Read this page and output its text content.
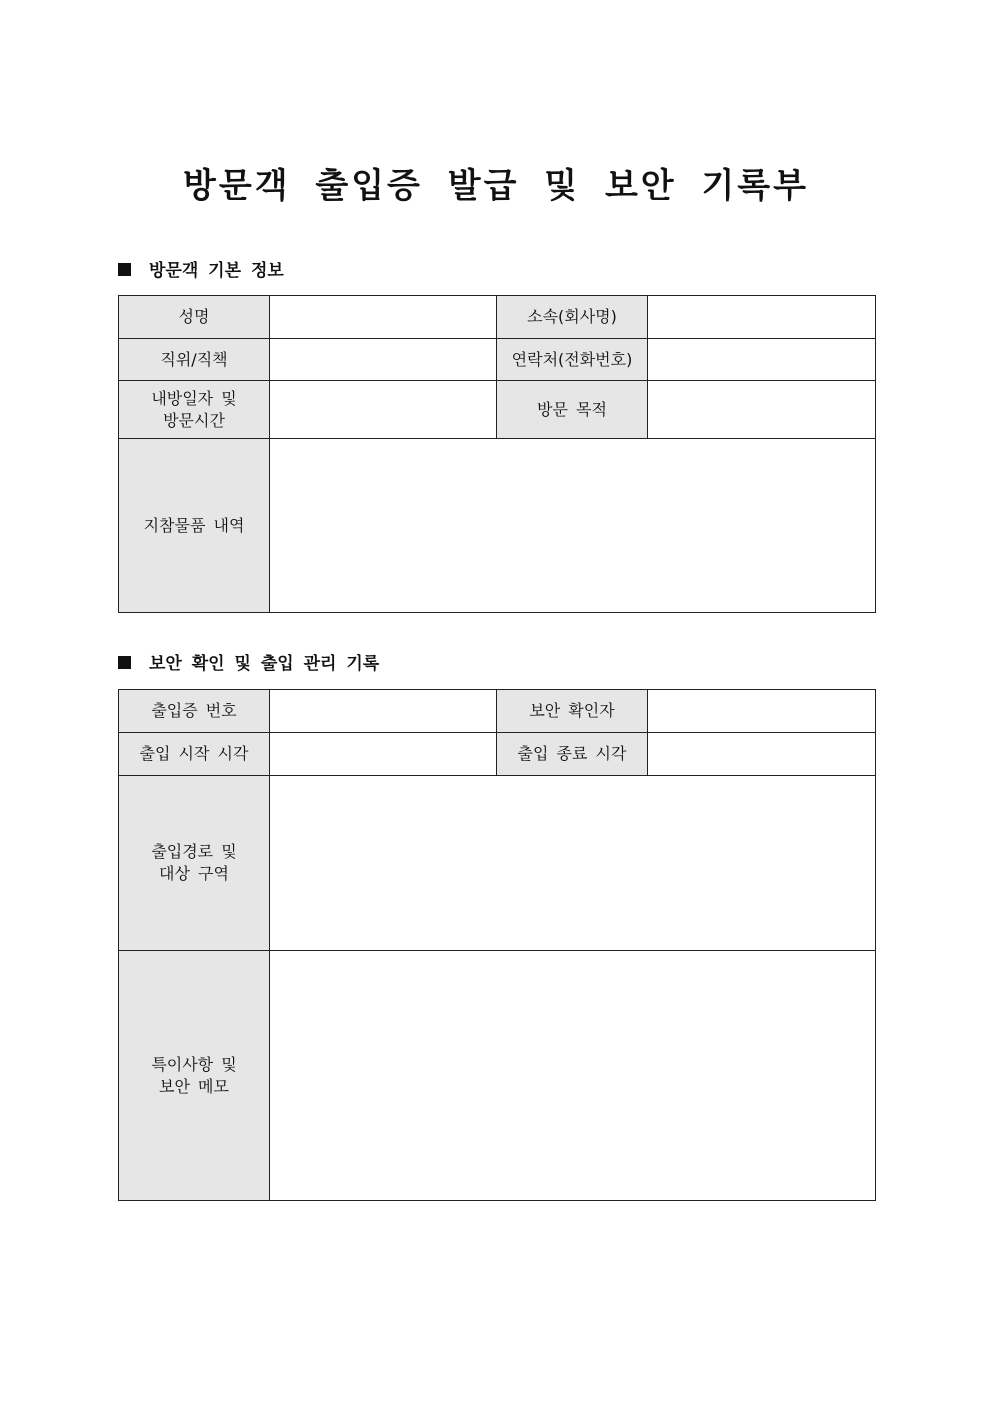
방문객 출입증 발급 및 보안 기록부
방문객 기본 정보
성명		소속(회사명)	
직위/직책		연락처(전화번호)	

내방일자 및
방문시간		방문 목적	
지참물품 내역			
보안 확인 및 출입 관리 기록
출입증 번호		보안 확인자	
출입 시작 시각		출입 종료 시각	

출입경로 및
대상 구역			

특이사항 및
보안 메모			
